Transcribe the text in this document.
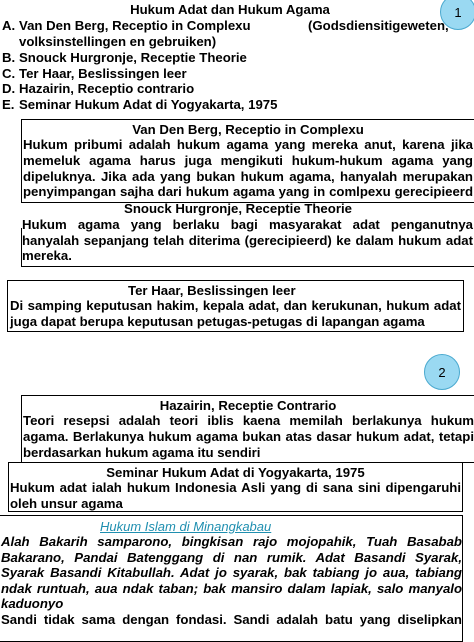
1
Hukum Adat dan Hukum Agama
A. Van Den Berg, Receptio in Complexu	(Godsdiensitigeweten,
volksinstellingen en gebruiken)
B. Snouck Hurgronje, Receptie Theorie
C. Ter Haar, Beslissingen leer
D. Hazairin, Receptio contrario
E. Seminar Hukum Adat di Yogyakarta, 1975
Van Den Berg, Receptio in Complexu
Hukum pribumi adalah hukum agama yang mereka anut, karena jika
memeluk agama harus juga mengikuti hukum-hukum agama yang
dipeluknya. Jika ada yang bukan hukum agama, hanyalah merupakan
penyimpangan sajha dari hukum agama yang in comlpexu gerecipieerd
Snouck Hurgronje, Receptie Theorie
Hukum agama yang berlaku bagi masyarakat adat penganutnya
hanyalah sepanjang telah diterima (gerecipieerd) ke dalam hukum adat
mereka.
Ter Haar, Beslissingen leer
Di samping keputusan hakim, kepala adat, dan kerukunan, hukum adat
juga dapat berupa keputusan petugas-petugas di lapangan agama
2
Hazairin, Receptie Contrario
Teori resepsi adalah teori iblis kaena memilah berlakunya hukum
agama. Berlakunya hukum agama bukan atas dasar hukum adat, tetapi
berdasarkan hukum agama itu sendiri
Seminar Hukum Adat di Yogyakarta, 1975
Hukum adat ialah hukum Indonesia Asli yang di sana sini dipengaruhi
oleh unsur agama
Hukum Islam di Minangkabau
Alah Bakarih samparono, bingkisan rajo mojopahik, Tuah Basabab
Bakarano, Pandai Batenggang di nan rumik. Adat Basandi Syarak,
Syarak Basandi Kitabullah. Adat jo syarak, bak tabiang jo aua, tabiang
ndak runtuah, aua ndak taban; bak mansiro dalam lapiak, salo manyalo
kaduonyo
Sandi tidak sama dengan fondasi. Sandi adalah batu yang diselipkan
